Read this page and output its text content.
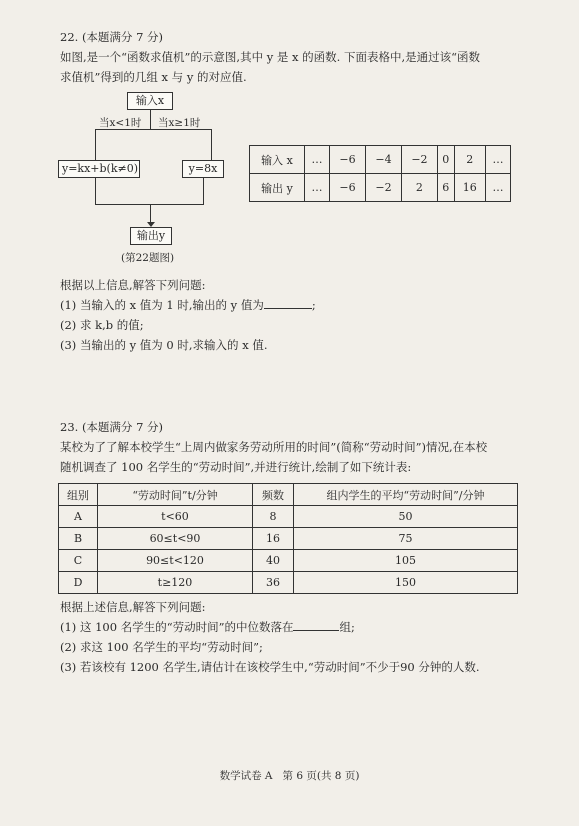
22. (本题满分 7 分)
如图,是一个“函数求值机”的示意图,其中 y 是 x 的函数. 下面表格中,是通过该“函数
求值机”得到的几组 x 与 y 的对应值.
输入x
当x<1时 当x≥1时
y=kx+b(k≠0)	y=8x
输出y
(第22题图)
输入 x	…	−6	−4	−2	0	2	…
输出 y	…	−6	−2	2	6	16	…
根据以上信息,解答下列问题:
(1) 当输入的 x 值为 1 时,输出的 y 值为	;
(2) 求 k,b 的值;
(3) 当输出的 y 值为 0 时,求输入的 x 值.
23. (本题满分 7 分)
某校为了了解本校学生“上周内做家务劳动所用的时间”(简称“劳动时间”)情况,在本校
随机调查了 100 名学生的“劳动时间”,并进行统计,绘制了如下统计表:
组别	“劳动时间”t/分钟	频数	组内学生的平均“劳动时间”/分钟
A	t<60	8	50
B	60≤t<90	16	75
C	90≤t<120	40	105
D	t≥120	36	150
根据上述信息,解答下列问题:
(1) 这 100 名学生的“劳动时间”的中位数落在	组;
(2) 求这 100 名学生的平均“劳动时间”;
(3) 若该校有 1200 名学生,请估计在该校学生中,“劳动时间”不少于90 分钟的人数.
数学试卷 A   第 6 页(共 8 页)
